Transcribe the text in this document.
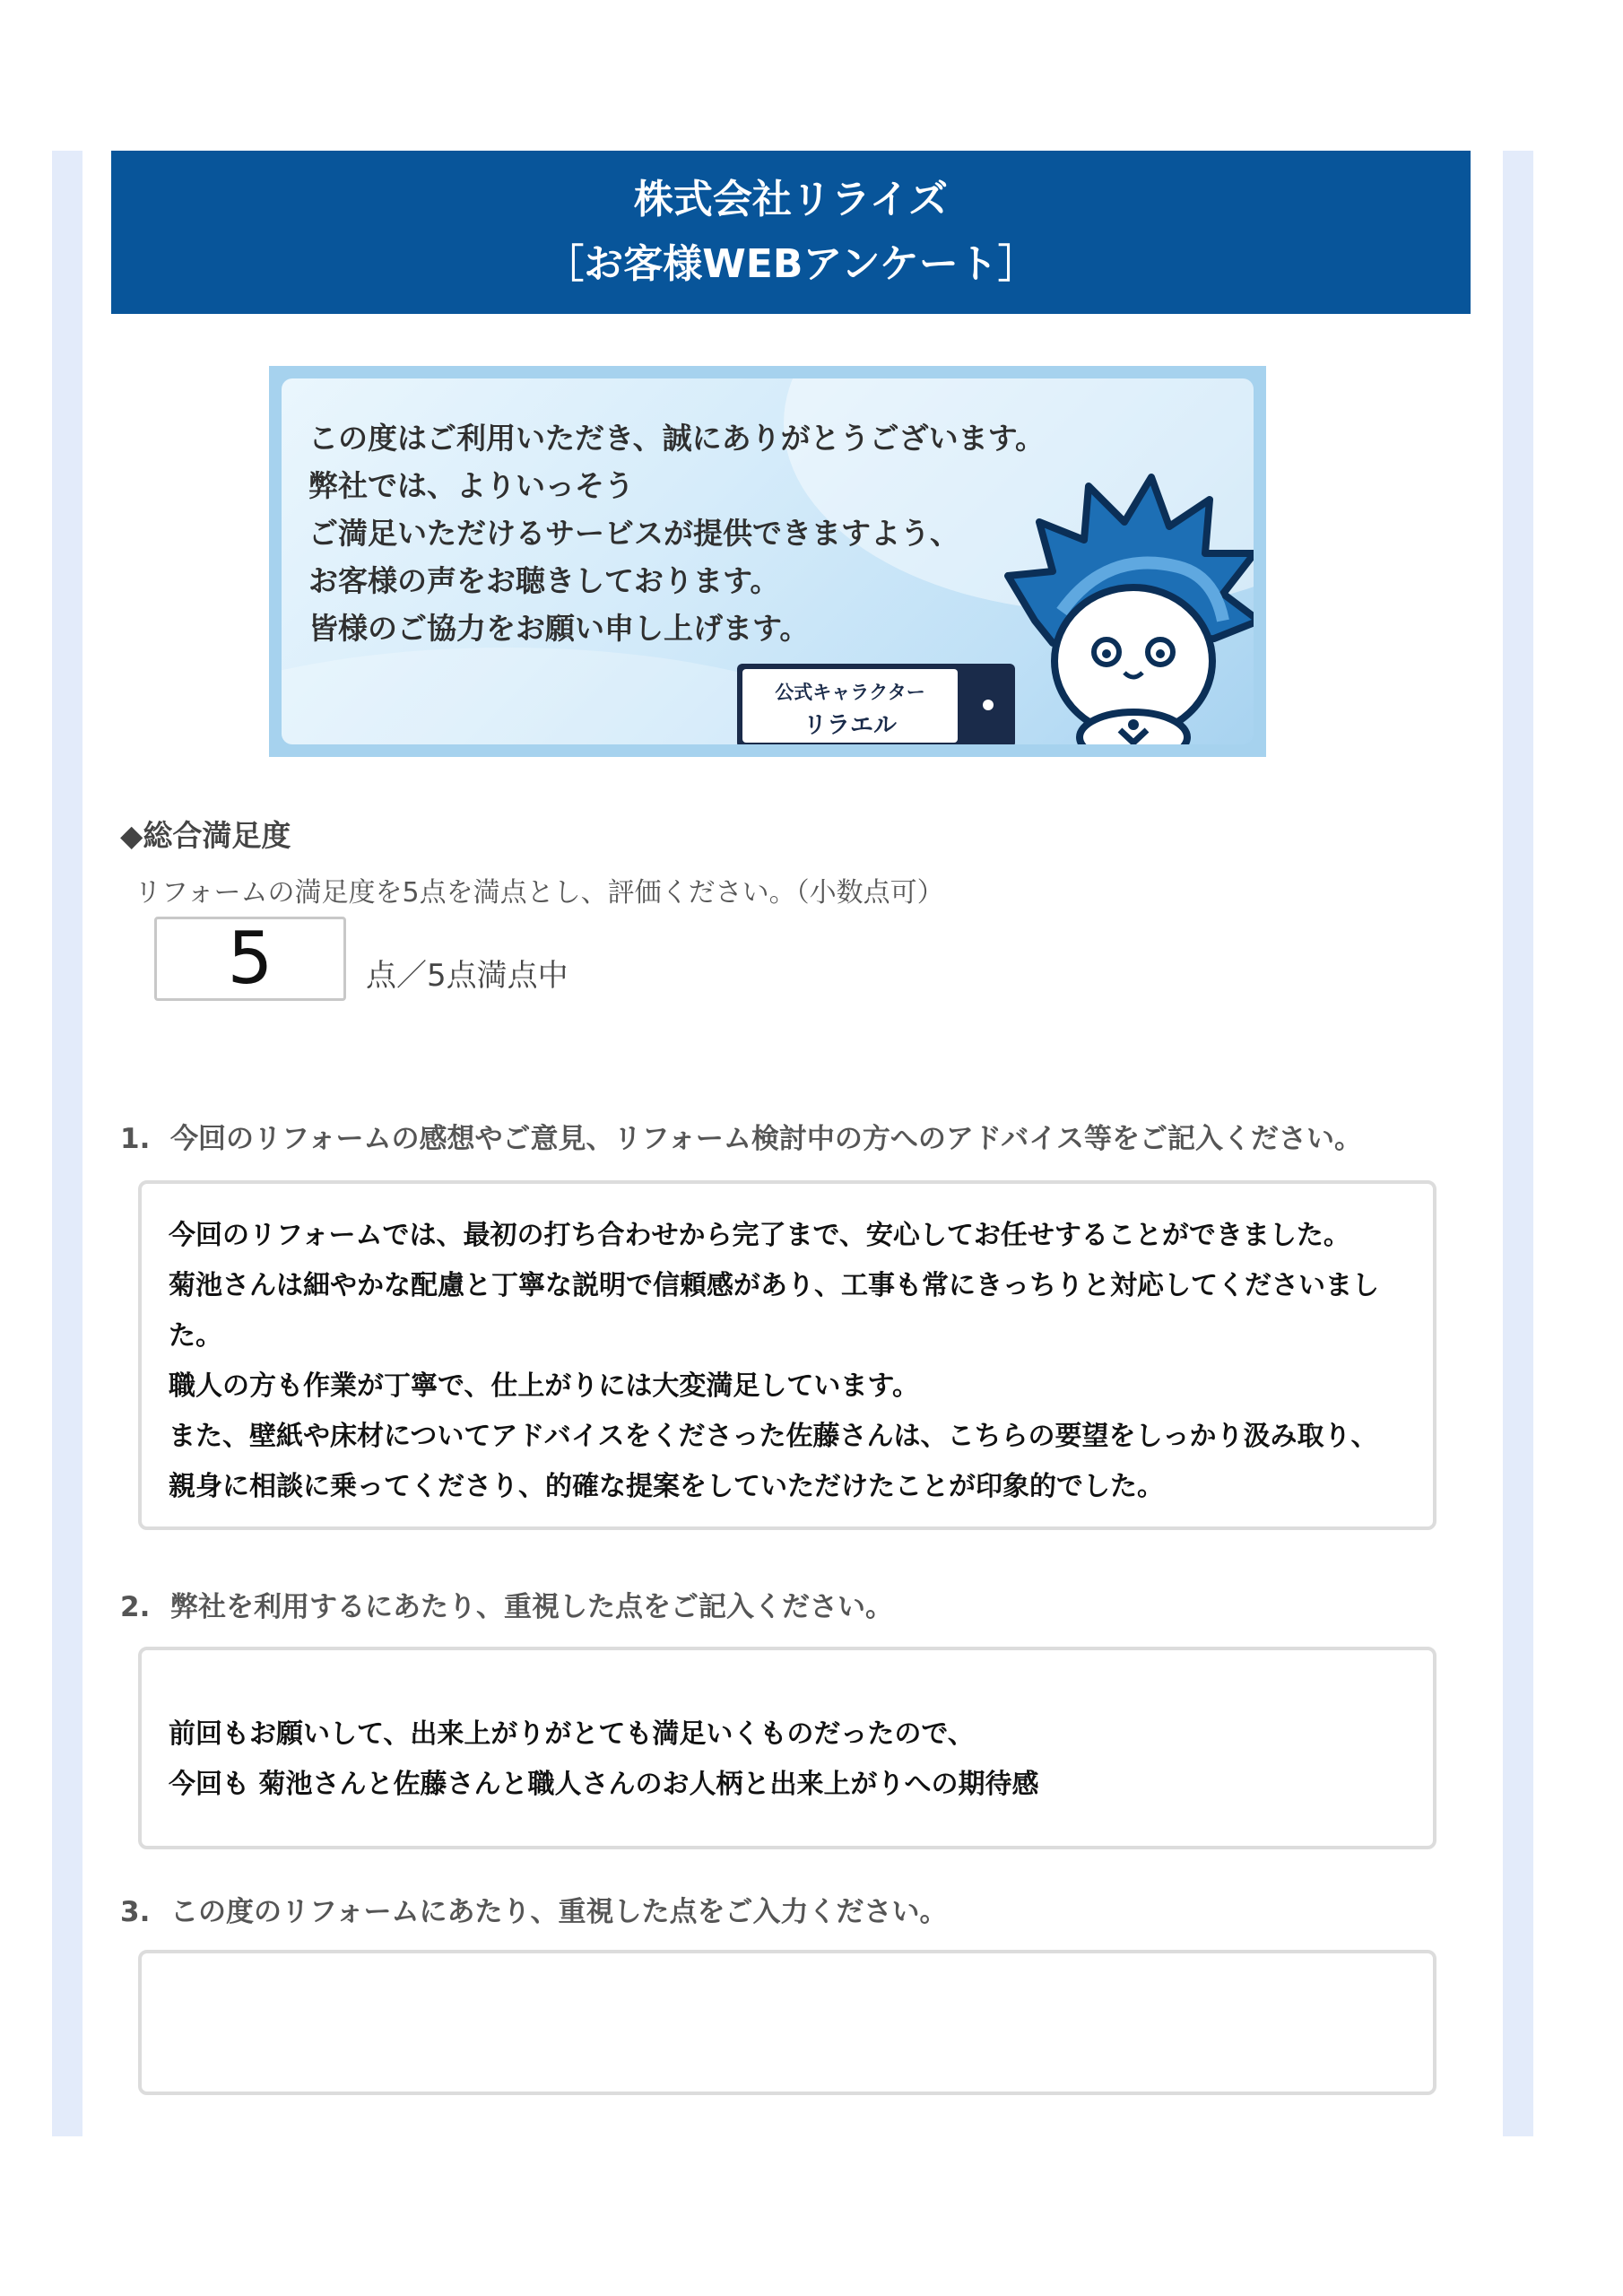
株式会社リライズ
［お客様WEBアンケート］
この度はご利用いただき、誠にありがとうございます。
弊社では、よりいっそう
ご満足いただけるサービスが提供できますよう、
お客様の声をお聴きしております。
皆様のご協力をお願い申し上げます。
公式キャラクター
リラエル
◆総合満足度
リフォームの満足度を5点を満点とし、評価ください。（小数点可）
5	点／5点満点中
1. 今回のリフォームの感想やご意見、リフォーム検討中の方へのアドバイス等をご記入ください。
今回のリフォームでは、最初の打ち合わせから完了まで、安心してお任せすることができました。
菊池さんは細やかな配慮と丁寧な説明で信頼感があり、工事も常にきっちりと対応してくださいました。
職人の方も作業が丁寧で、仕上がりには大変満足しています。
また、壁紙や床材についてアドバイスをくださった佐藤さんは、こちらの要望をしっかり汲み取り、
親身に相談に乗ってくださり、的確な提案をしていただけたことが印象的でした。
2. 弊社を利用するにあたり、重視した点をご記入ください。
前回もお願いして、出来上がりがとても満足いくものだったので、
今回も 菊池さんと佐藤さんと職人さんのお人柄と出来上がりへの期待感
3. この度のリフォームにあたり、重視した点をご入力ください。
